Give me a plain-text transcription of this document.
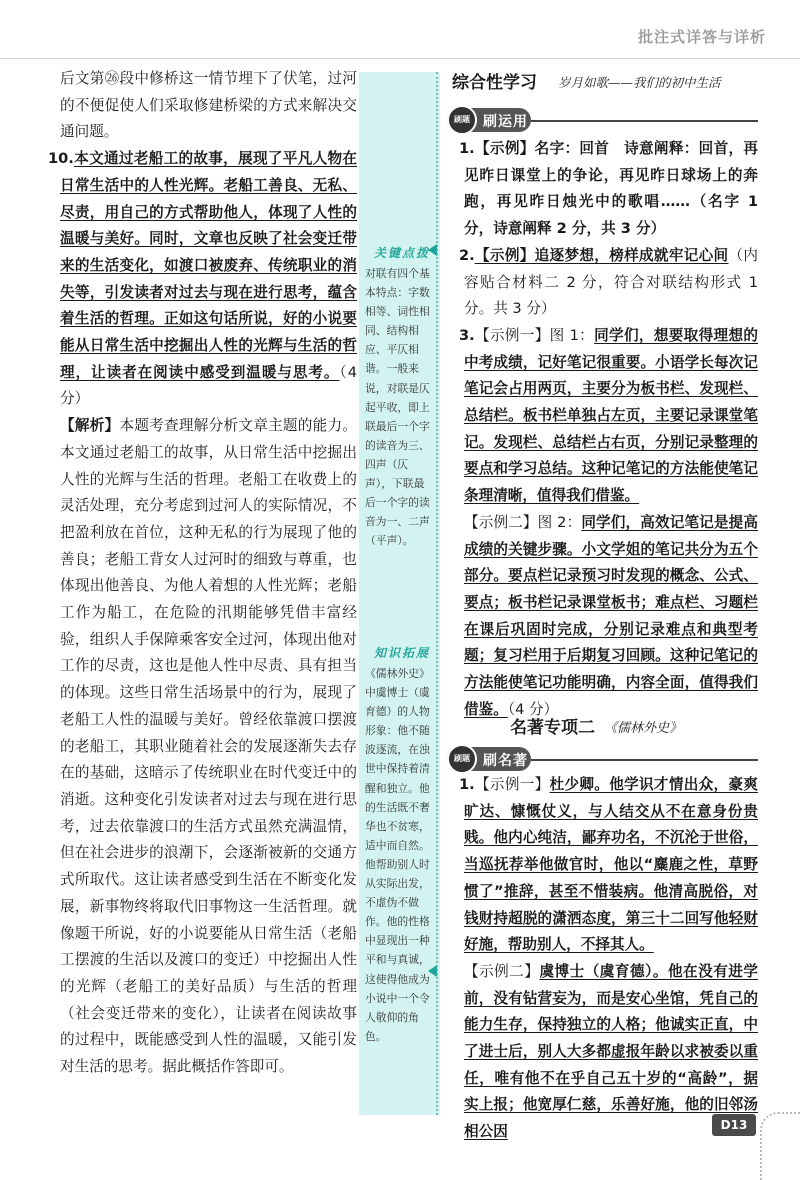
批注式详答与详析

后文第㉖段中修桥这一情节埋下了伏笔，过河的不便促使人们采取修建桥梁的方式来解决交通问题。

10.本文通过老船工的故事，展现了平凡人物在日常生活中的人性光辉。老船工善良、无私、尽责，用自己的方式帮助他人，体现了人性的温暖与美好。同时，文章也反映了社会变迁带来的生活变化，如渡口被废弃、传统职业的消失等，引发读者对过去与现在进行思考，蕴含着生活的哲理。正如这句话所说，好的小说要能从日常生活中挖掘出人性的光辉与生活的哲理，让读者在阅读中感受到温暖与思考。（4 分）

【解析】本题考查理解分析文章主题的能力。本文通过老船工的故事，从日常生活中挖掘出人性的光辉与生活的哲理。老船工在收费上的灵活处理，充分考虑到过河人的实际情况，不把盈利放在首位，这种无私的行为展现了他的善良；老船工背女人过河时的细致与尊重，也体现出他善良、为他人着想的人性光辉；老船工作为船工，在危险的汛期能够凭借丰富经验，组织人手保障乘客安全过河，体现出他对工作的尽责，这也是他人性中尽责、具有担当的体现。这些日常生活场景中的行为，展现了老船工人性的温暖与美好。曾经依靠渡口摆渡的老船工，其职业随着社会的发展逐渐失去存在的基础，这暗示了传统职业在时代变迁中的消逝。这种变化引发读者对过去与现在进行思考，过去依靠渡口的生活方式虽然充满温情，但在社会进步的浪潮下，会逐渐被新的交通方式所取代。这让读者感受到生活在不断变化发展，新事物终将取代旧事物这一生活哲理。就像题干所说，好的小说要能从日常生活（老船工摆渡的生活以及渡口的变迁）中挖掘出人性的光辉（老船工的美好品质）与生活的哲理（社会变迁带来的变化），让读者在阅读故事的过程中，既能感受到人性的温暖，又能引发对生活的思考。据此概括作答即可。

关键点拨
对联有四个基本特点：字数相等、词性相同、结构相应、平仄相谐。一般来说，对联是仄起平收，即上联最后一个字的读音为三、四声（仄声），下联最后一个字的读音为一、二声（平声）。
知识拓展
《儒林外史》中虞博士（虞育德）的人物形象：他不随波逐流，在浊世中保持着清醒和独立。他的生活既不奢华也不贫寒，适中而自然。他帮助别人时从实际出发，不虚伪不做作。他的性格中显现出一种平和与真诚，这使得他成为小说中一个令人敬仰的角色。
综合性学习 岁月如歌——我们的初中生活
刷题 刷运用

1.【示例】名字：回首　诗意阐释：回首，再见昨日课堂上的争论，再见昨日球场上的奔跑，再见昨日烛光中的歌唱……（名字 1 分，诗意阐释 2 分，共 3 分）

2.【示例】追逐梦想，榜样成就牢记心间（内容贴合材料二 2 分，符合对联结构形式 1 分。共 3 分）

3.【示例一】图 1：同学们，想要取得理想的中考成绩，记好笔记很重要。小语学长每次记笔记会占用两页，主要分为板书栏、发现栏、总结栏。板书栏单独占左页，主要记录课堂笔记。发现栏、总结栏占右页，分别记录整理的要点和学习总结。这种记笔记的方法能使笔记条理清晰，值得我们借鉴。

【示例二】图 2：同学们，高效记笔记是提高成绩的关键步骤。小文学姐的笔记共分为五个部分。要点栏记录预习时发现的概念、公式、要点；板书栏记录课堂板书；难点栏、习题栏在课后巩固时完成，分别记录难点和典型考题；复习栏用于后期复习回顾。这种记笔记的方法能使笔记功能明确，内容全面，值得我们借鉴。（4 分）

名著专项二 《儒林外史》
刷题 刷名著

1.【示例一】杜少卿。他学识才情出众，豪爽旷达、慷慨仗义，与人结交从不在意身份贵贱。他内心纯洁，鄙弃功名，不沉沦于世俗，当巡抚荐举他做官时，他以“麋鹿之性，草野惯了”推辞，甚至不惜装病。他清高脱俗，对钱财持超脱的潇洒态度，第三十二回写他轻财好施，帮助别人，不择其人。

【示例二】虞博士（虞育德）。他在没有进学前，没有钻营妄为，而是安心坐馆，凭自己的能力生存，保持独立的人格；他诚实正直，中了进士后，别人大多都虚报年龄以求被委以重任，唯有他不在乎自己五十岁的“高龄”，据实上报；他宽厚仁慈，乐善好施，他的旧邻汤相公因	D13
